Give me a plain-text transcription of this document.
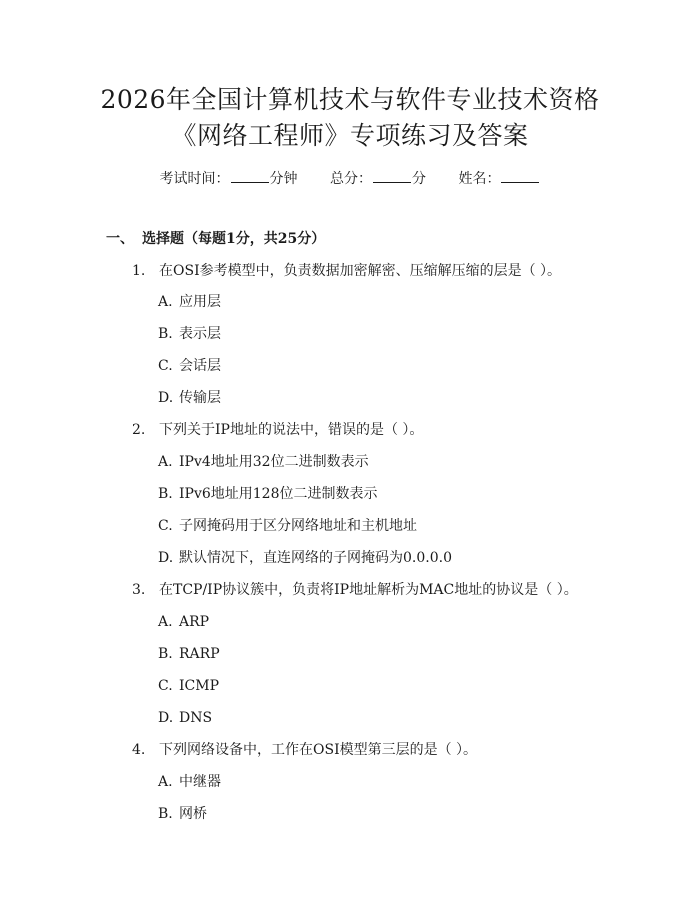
2026年全国计算机技术与软件专业技术资格
《网络工程师》专项练习及答案
考试时间：	分钟 总分：	分 姓名：
一、 选择题（每题1分，共25分）
1. 在OSI参考模型中，负责数据加密解密、压缩解压缩的层是（ ）。
A. 应用层
B. 表示层
C. 会话层
D. 传输层
2. 下列关于IP地址的说法中，错误的是（ ）。
A. IPv4地址用32位二进制数表示
B. IPv6地址用128位二进制数表示
C. 子网掩码用于区分网络地址和主机地址
D. 默认情况下，直连网络的子网掩码为0.0.0.0
3. 在TCP/IP协议簇中，负责将IP地址解析为MAC地址的协议是（ ）。
A. ARP
B. RARP
C. ICMP
D. DNS
4. 下列网络设备中，工作在OSI模型第三层的是（ ）。
A. 中继器
B. 网桥
